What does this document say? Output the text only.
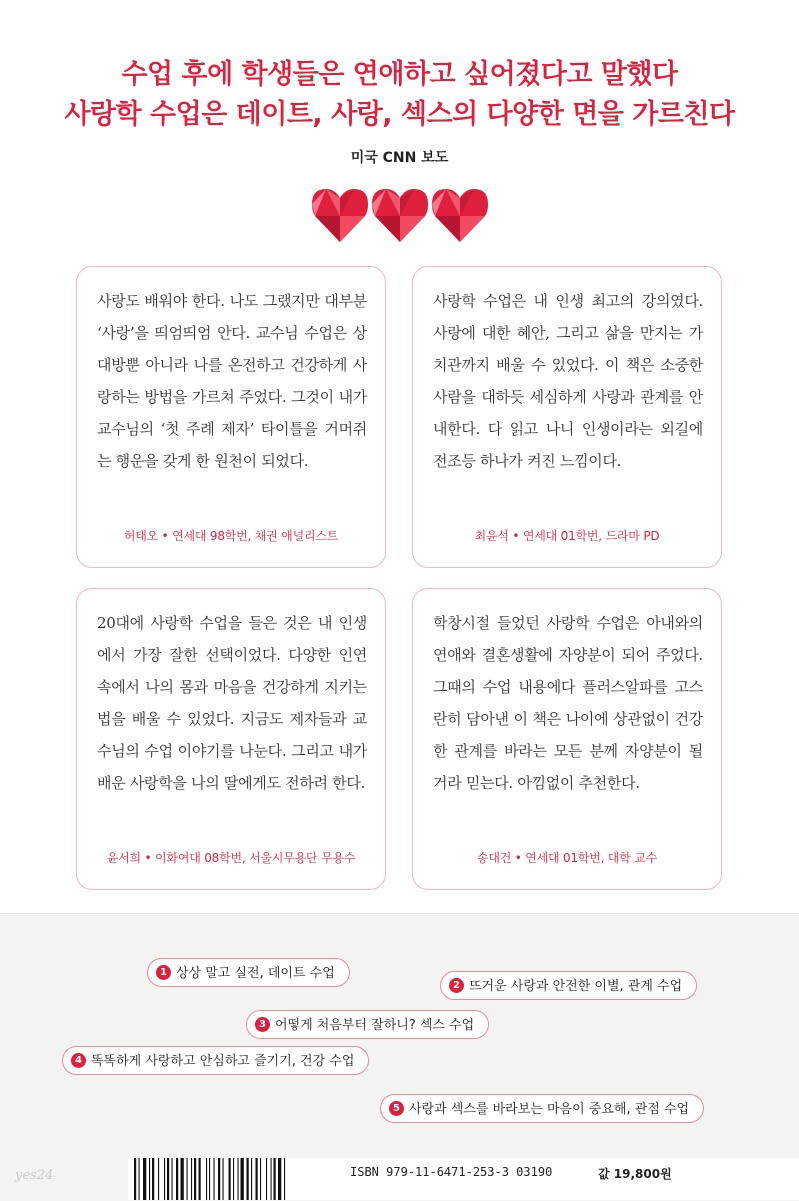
수업 후에 학생들은 연애하고 싶어졌다고 말했다
사랑학 수업은 데이트, 사랑, 섹스의 다양한 면을 가르친다
미국 CNN 보도
사랑도 배워야 한다. 나도 그랬지만 대부분 ‘사랑’을 띄엄띄엄 안다. 교수님 수업은 상대방뿐 아니라 나를 온전하고 건강하게 사랑하는 방법을 가르쳐 주었다. 그것이 내가 교수님의 ‘첫 주례 제자’ 타이틀을 거머쥐는 행운을 갖게 한 원천이 되었다.
허태오 • 연세대 98학번, 채권 애널리스트
사랑학 수업은 내 인생 최고의 강의였다. 사랑에 대한 혜안, 그리고 삶을 만지는 가치관까지 배울 수 있었다. 이 책은 소중한 사람을 대하듯 세심하게 사랑과 관계를 안내한다. 다 읽고 나니 인생이라는 외길에 전조등 하나가 켜진 느낌이다.
최윤석 • 연세대 01학번, 드라마 PD
20대에 사랑학 수업을 들은 것은 내 인생에서 가장 잘한 선택이었다. 다양한 인연 속에서 나의 몸과 마음을 건강하게 지키는 법을 배울 수 있었다. 지금도 제자들과 교수님의 수업 이야기를 나눈다. 그리고 내가 배운 사랑학을 나의 딸에게도 전하려 한다.
윤서희 • 이화여대 08학번, 서울시무용단 무용수
학창시절 들었던 사랑학 수업은 아내와의 연애와 결혼생활에 자양분이 되어 주었다. 그때의 수업 내용에다 플러스알파를 고스란히 담아낸 이 책은 나이에 상관없이 건강한 관계를 바라는 모든 분께 자양분이 될 거라 믿는다. 아낌없이 추천한다.
송대건 • 연세대 01학번, 대학 교수
1 상상 말고 실전, 데이트 수업
2 뜨거운 사랑과 안전한 이별, 관계 수업
3 어떻게 처음부터 잘하니? 섹스 수업
4 똑똑하게 사랑하고 안심하고 즐기기, 건강 수업
5 사랑과 섹스를 바라보는 마음이 중요해, 관점 수업
yes24	ISBN 979-11-6471-253-3 03190	값 19,800원
